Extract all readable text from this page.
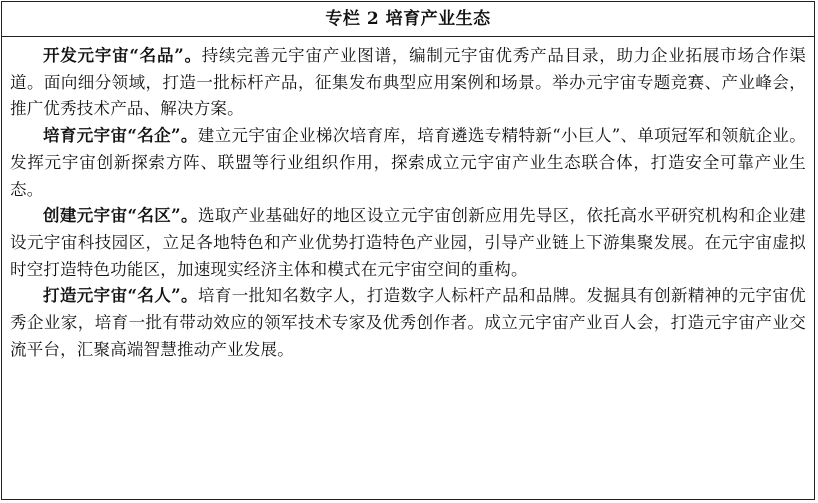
专栏 2 培育产业生态

开发元宇宙“名品”。持续完善元宇宙产业图谱，编制元宇宙优秀产品目录，助力企业拓展市场合作渠道。面向细分领域，打造一批标杆产品，征集发布典型应用案例和场景。举办元宇宙专题竞赛、产业峰会，推广优秀技术产品、解决方案。

培育元宇宙“名企”。建立元宇宙企业梯次培育库，培育遴选专精特新“小巨人”、单项冠军和领航企业。发挥元宇宙创新探索方阵、联盟等行业组织作用，探索成立元宇宙产业生态联合体，打造安全可靠产业生态。

创建元宇宙“名区”。选取产业基础好的地区设立元宇宙创新应用先导区，依托高水平研究机构和企业建设元宇宙科技园区，立足各地特色和产业优势打造特色产业园，引导产业链上下游集聚发展。在元宇宙虚拟时空打造特色功能区，加速现实经济主体和模式在元宇宙空间的重构。

打造元宇宙“名人”。培育一批知名数字人，打造数字人标杆产品和品牌。发掘具有创新精神的元宇宙优秀企业家，培育一批有带动效应的领军技术专家及优秀创作者。成立元宇宙产业百人会，打造元宇宙产业交流平台，汇聚高端智慧推动产业发展。
